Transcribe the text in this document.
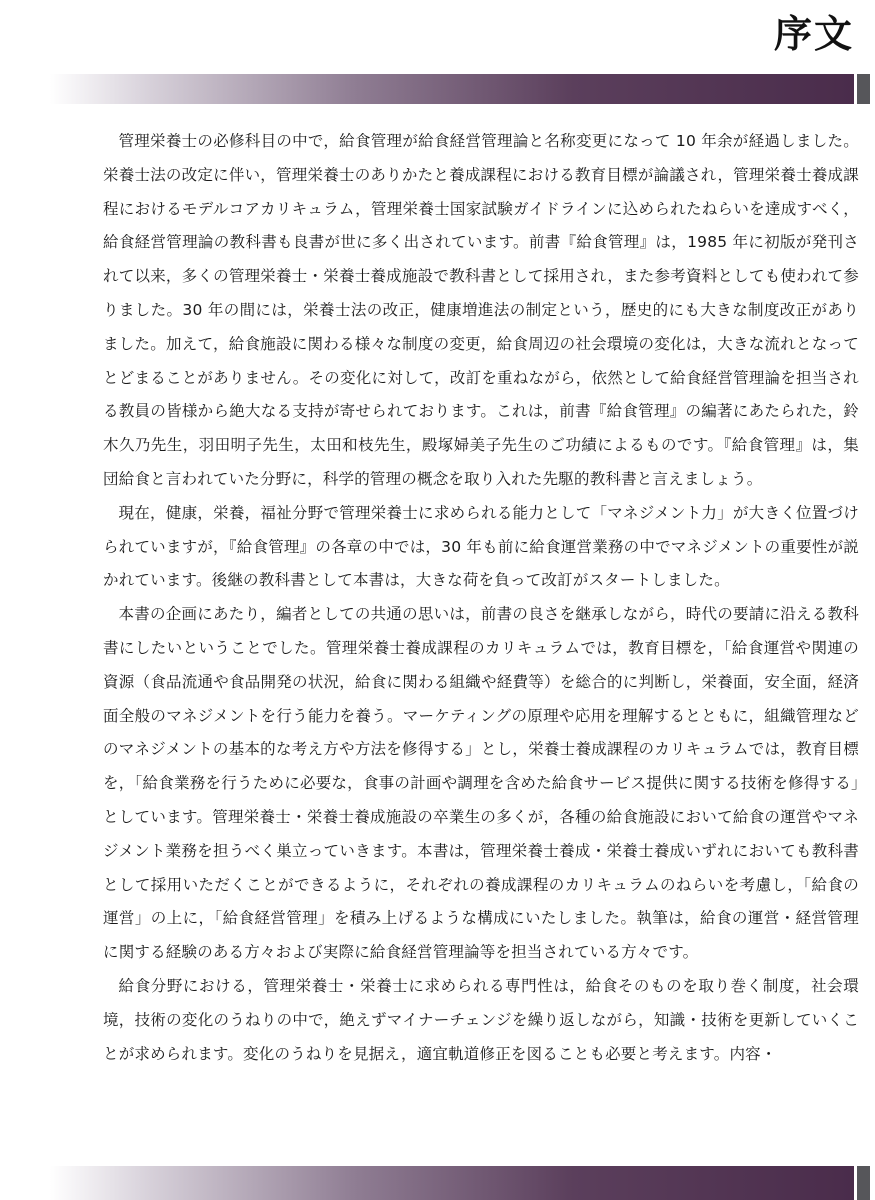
序文

管理栄養士の必修科目の中で，給食管理が給食経営管理論と名称変更になって 10 年余が経過しました。栄養士法の改定に伴い，管理栄養士のありかたと養成課程における教育目標が論議され，管理栄養士養成課程におけるモデルコアカリキュラム，管理栄養士国家試験ガイドラインに込められたねらいを達成すべく，給食経営管理論の教科書も良書が世に多く出されています。前書『給食管理』は，1985 年に初版が発刊されて以来，多くの管理栄養士・栄養士養成施設で教科書として採用され，また参考資料としても使われて参りました。30 年の間には，栄養士法の改正，健康増進法の制定という，歴史的にも大きな制度改正がありました。加えて，給食施設に関わる様々な制度の変更，給食周辺の社会環境の変化は，大きな流れとなってとどまることがありません。その変化に対して，改訂を重ねながら，依然として給食経営管理論を担当される教員の皆様から絶大なる支持が寄せられております。これは，前書『給食管理』の編著にあたられた，鈴木久乃先生，羽田明子先生，太田和枝先生，殿塚婦美子先生のご功績によるものです。『給食管理』は，集団給食と言われていた分野に，科学的管理の概念を取り入れた先駆的教科書と言えましょう。

現在，健康，栄養，福祉分野で管理栄養士に求められる能力として「マネジメント力」が大きく位置づけられていますが，『給食管理』の各章の中では，30 年も前に給食運営業務の中でマネジメントの重要性が説かれています。後継の教科書として本書は，大きな荷を負って改訂がスタートしました。

本書の企画にあたり，編者としての共通の思いは，前書の良さを継承しながら，時代の要請に沿える教科書にしたいということでした。管理栄養士養成課程のカリキュラムでは，教育目標を，「給食運営や関連の資源（食品流通や食品開発の状況，給食に関わる組織や経費等）を総合的に判断し，栄養面，安全面，経済面全般のマネジメントを行う能力を養う。マーケティングの原理や応用を理解するとともに，組織管理などのマネジメントの基本的な考え方や方法を修得する」とし，栄養士養成課程のカリキュラムでは，教育目標を，「給食業務を行うために必要な，食事の計画や調理を含めた給食サービス提供に関する技術を修得する」としています。管理栄養士・栄養士養成施設の卒業生の多くが，各種の給食施設において給食の運営やマネジメント業務を担うべく巣立っていきます。本書は，管理栄養士養成・栄養士養成いずれにおいても教科書として採用いただくことができるように，それぞれの養成課程のカリキュラムのねらいを考慮し，「給食の運営」の上に，「給食経営管理」を積み上げるような構成にいたしました。執筆は，給食の運営・経営管理に関する経験のある方々および実際に給食経営管理論等を担当されている方々です。

給食分野における，管理栄養士・栄養士に求められる専門性は，給食そのものを取り巻く制度，社会環境，技術の変化のうねりの中で，絶えずマイナーチェンジを繰り返しながら，知識・技術を更新していくことが求められます。変化のうねりを見据え，適宜軌道修正を図ることも必要と考えます。内容・
